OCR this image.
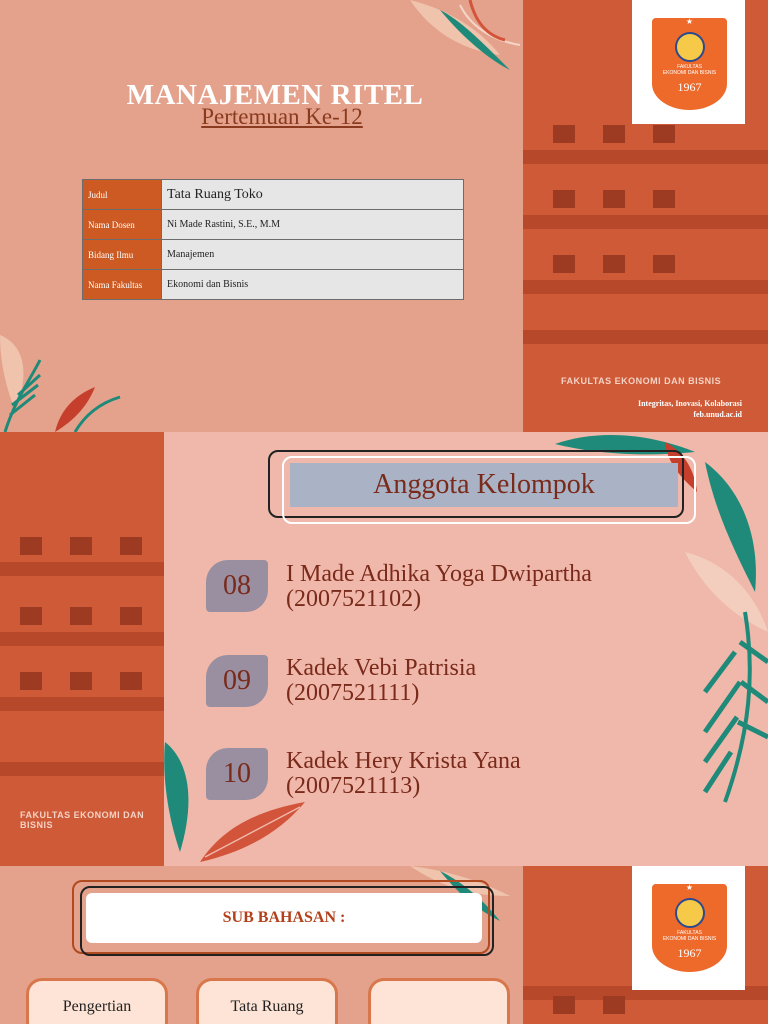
MANAJEMEN RITEL
Pertemuan Ke-12
Judul	Tata Ruang Toko
Nama Dosen	Ni Made Rastini, S.E., M.M
Bidang Ilmu	Manajemen
Nama Fakultas	Ekonomi dan Bisnis
FAKULTAS EKONOMI DAN BISNIS
★
FAKULTAS
EKONOMI DAN BISNIS
1967
Integritas, Inovasi, Kolaborasi
feb.unud.ac.id
FAKULTAS EKONOMI DAN BISNIS
Anggota Kelompok
08	I Made Adhika Yoga Dwipartha
(2007521102)
09	Kadek Vebi Patrisia
(2007521111)
10	Kadek Hery Krista Yana
(2007521113)
SUB BAHASAN :
Pengertian	Tata Ruang
★
FAKULTAS
EKONOMI DAN BISNIS
1967
